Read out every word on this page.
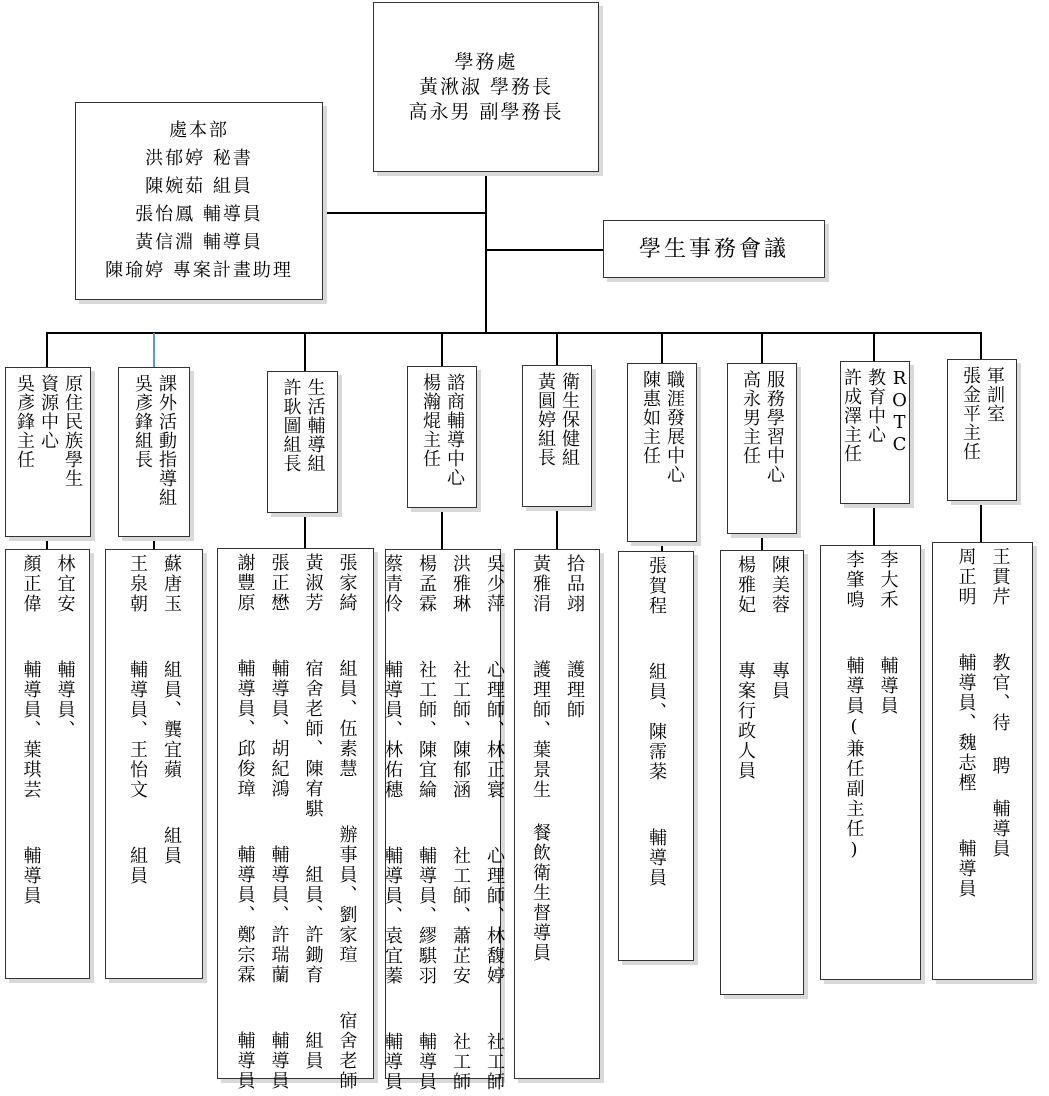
學務處
黃湫淑 學務長
高永男 副學務長
處本部
洪郁婷 秘書
陳婉茹 組員
張怡鳳 輔導員
黃信淵 輔導員
陳瑜婷 專案計畫助理
學生事務會議
原住民族學生
資源中心
吳彥鋒主任	課外活動指導組
吳彥鋒組長	生活輔導組
許耿圖組長	諮商輔導中心
楊瀚焜主任	衛生保健組
黃圓婷組長	職涯發展中心
陳惠如主任	服務學習中心
高永男主任	ROTC
教育中心
許成澤主任	軍訓室
張金平主任
林宜安  輔導員、
顏正偉  輔導員、葉琪芸  輔導員
蘇唐玉  組員、龔宜蘋  組員
王泉朝  輔導員、王怡文  組員
張家綺  組員、伍素慧  辦事員、劉家瑄  宿舍老師
黃淑芳  宿舍老師、陳宥騏  組員、許鋤育  組員
張正懋  輔導員、胡紀鴻  輔導員、許瑞蘭  輔導員
謝豐原  輔導員、邱俊璋  輔導員、鄭宗霖  輔導員
吳少萍  心理師、林正寰  心理師、林馥婷  社工師
洪雅琳  社工師、陳郁涵  社工師、蕭芷安  社工師
楊孟霖  社工師、陳宜綸  輔導員、繆騏羽  輔導員
蔡青伶  輔導員、林佑穗  輔導員、袁宜蓁  輔導員
拾品翊  護理師
黃雅涓  護理師、葉景生 餐飲衛生督導員
張賀程  組員、陳霈棻  輔導員	陳美蓉  專員
楊雅妃  專案行政人員
李大禾  輔導員
李肇鳴  輔導員(兼任副主任)
王貫芹  教官、待 聘 輔導員
周正明  輔導員、魏志樫  輔導員
